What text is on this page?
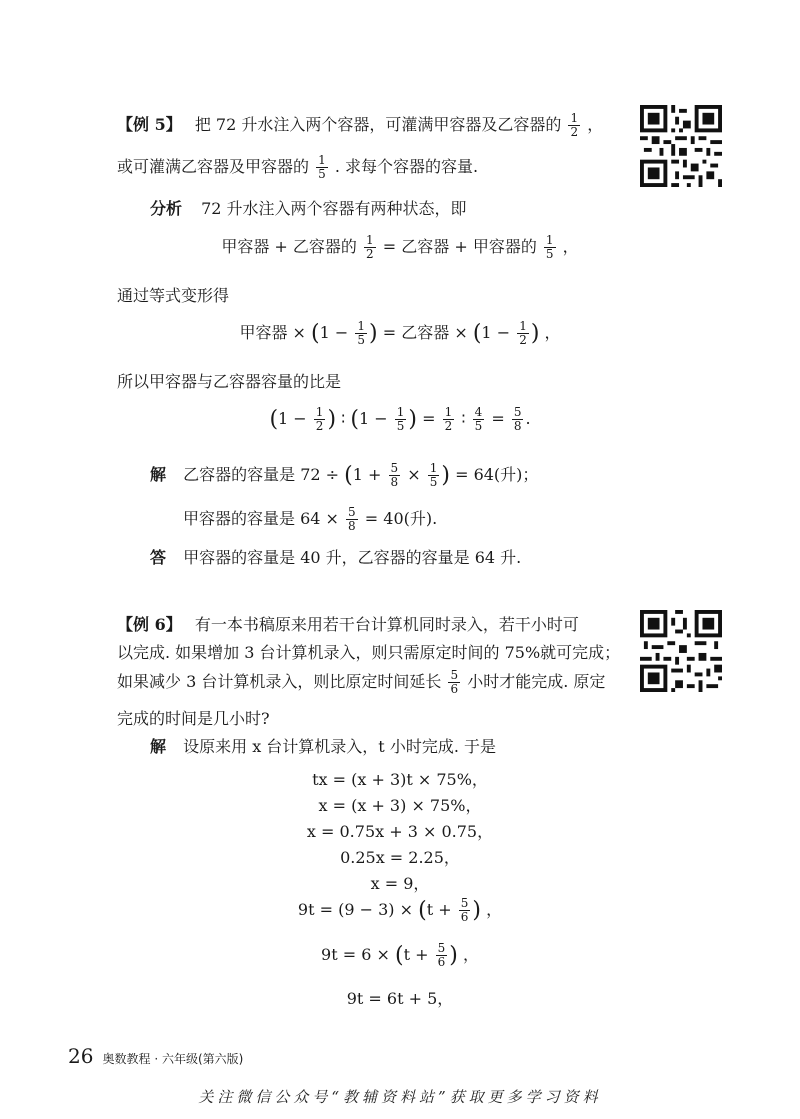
【例 5】 把 72 升水注入两个容器，可灌满甲容器及乙容器的 $\frac{1}{2}$ ，
或可灌满乙容器及甲容器的 $\frac{1}{5}$ . 求每个容器的容量.
分析 72 升水注入两个容器有两种状态，即
甲容器 + 乙容器的 $\frac{1}{2}$ = 乙容器 + 甲容器的 $\frac{1}{5}$ ，
通过等式变形得
甲容器 × ($1 - \frac{1}{5}$ ) = 乙容器 × ($1 - \frac{1}{2}$ ) ，
所以甲容器与乙容器容量的比是
($1 - \frac{1}{2}$ ) ∶ ($1 - \frac{1}{5}$ ) = $\frac{1}{2}$ ∶ $\frac{4}{5} = \frac{5}{8}$ .
解 乙容器的容量是 $72 \div (1 + \frac{5}{8} \times \frac{1}{5}$ ) = 64(升)；
甲容器的容量是 $64 \times \frac{5}{8} = 40$(升).
答 甲容器的容量是 40 升，乙容器的容量是 64 升.
【例 6】 有一本书稿原来用若干台计算机同时录入，若干小时可
以完成. 如果增加 3 台计算机录入，则只需原定时间的 75%就可完成；
如果减少 3 台计算机录入，则比原定时间延长 $\frac{5}{6}$ 小时才能完成. 原定
完成的时间是几小时?
解 设原来用 x 台计算机录入，t 小时完成. 于是
tx = (x + 3)t × 75%，
x = (x + 3) × 75%，
x = 0.75x + 3 × 0.75，
0.25x = 2.25，
x = 9，
$9t = (9 - 3) \times (t + \frac{5}{6}$ ) ，
$9t = 6 \times (t + \frac{5}{6}$ ) ，
9t = 6t + 5，
26 奥数教程 · 六年级(第六版)
关注微信公众号“教辅资料站”获取更多学习资料
